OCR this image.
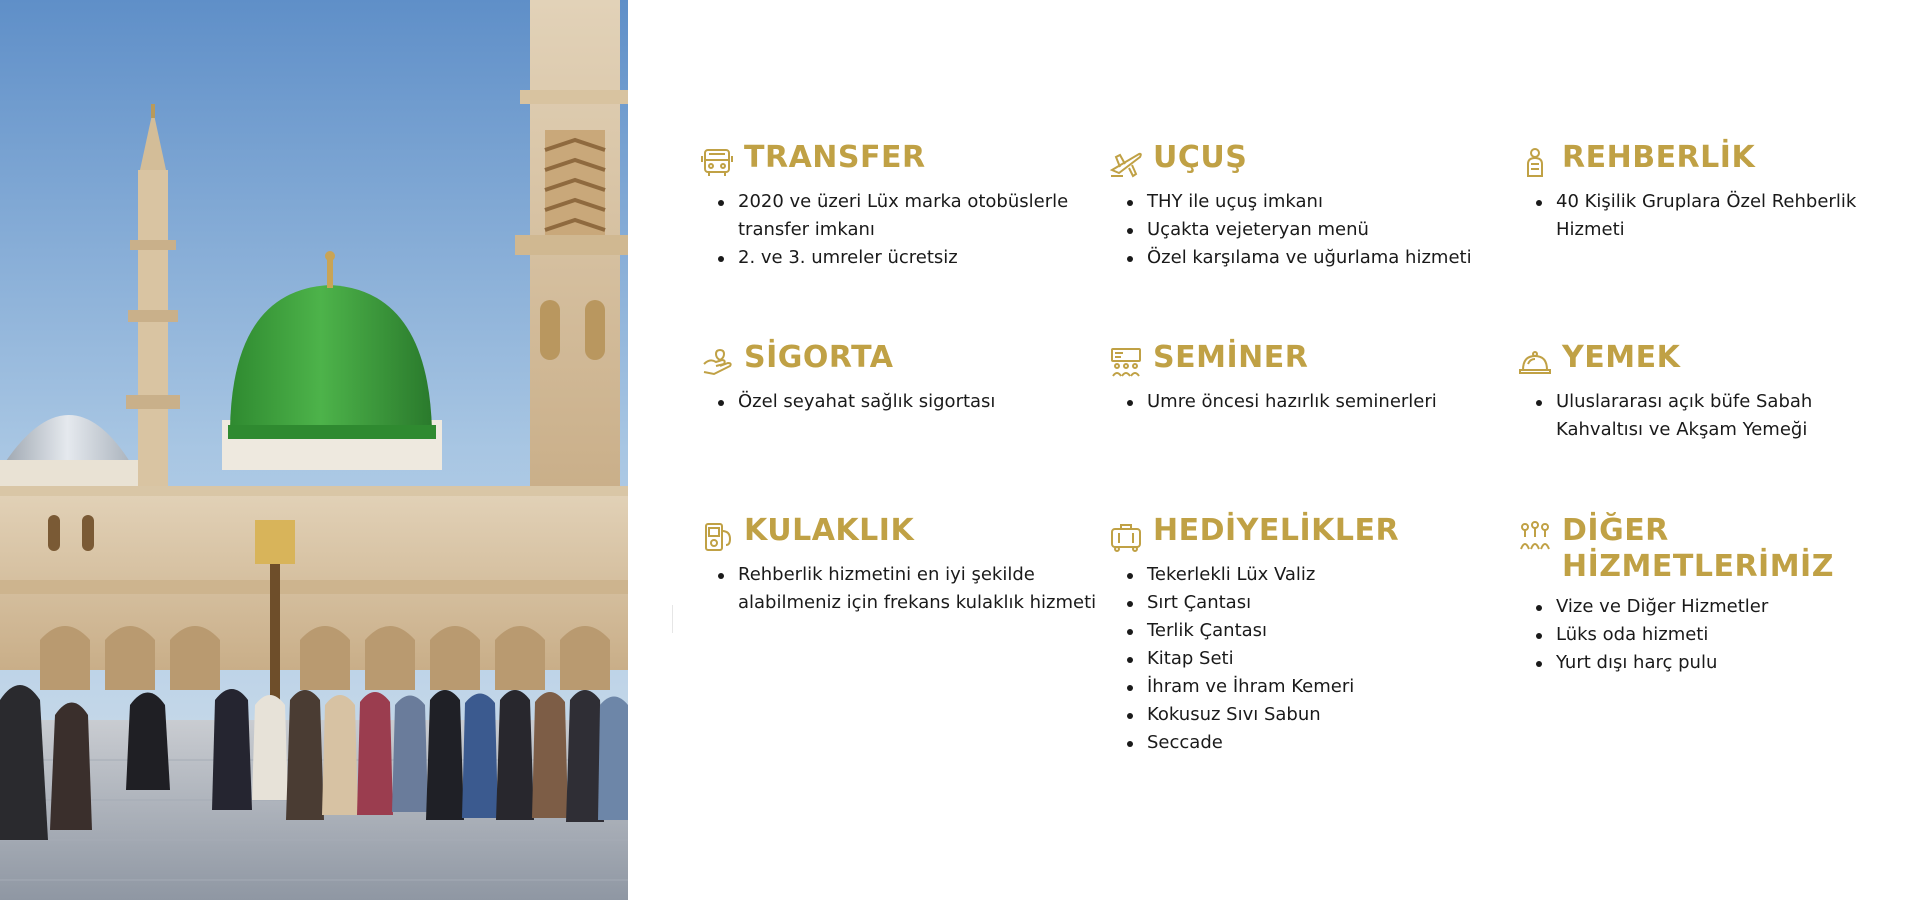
TRANSFER
2020 ve üzeri Lüx marka otobüslerle transfer imkanı
2. ve 3. umreler ücretsiz
UÇUŞ
THY ile uçuş imkanı
Uçakta vejeteryan menü
Özel karşılama ve uğurlama hizmeti
REHBERLİK
40 Kişilik Gruplara Özel Rehberlik Hizmeti
SİGORTA
Özel seyahat sağlık sigortası
SEMİNER
Umre öncesi hazırlık seminerleri
YEMEK
Uluslararası açık büfe Sabah Kahvaltısı ve Akşam Yemeği
KULAKLIK
Rehberlik hizmetini en iyi şekilde alabilmeniz için frekans kulaklık hizmeti
HEDİYELİKLER
Tekerlekli Lüx Valiz
Sırt Çantası
Terlik Çantası
Kitap Seti
İhram ve İhram Kemeri
Kokusuz Sıvı Sabun
Seccade
DİĞER HİZMETLERİMİZ
Vize ve Diğer Hizmetler
Lüks oda hizmeti
Yurt dışı harç pulu
